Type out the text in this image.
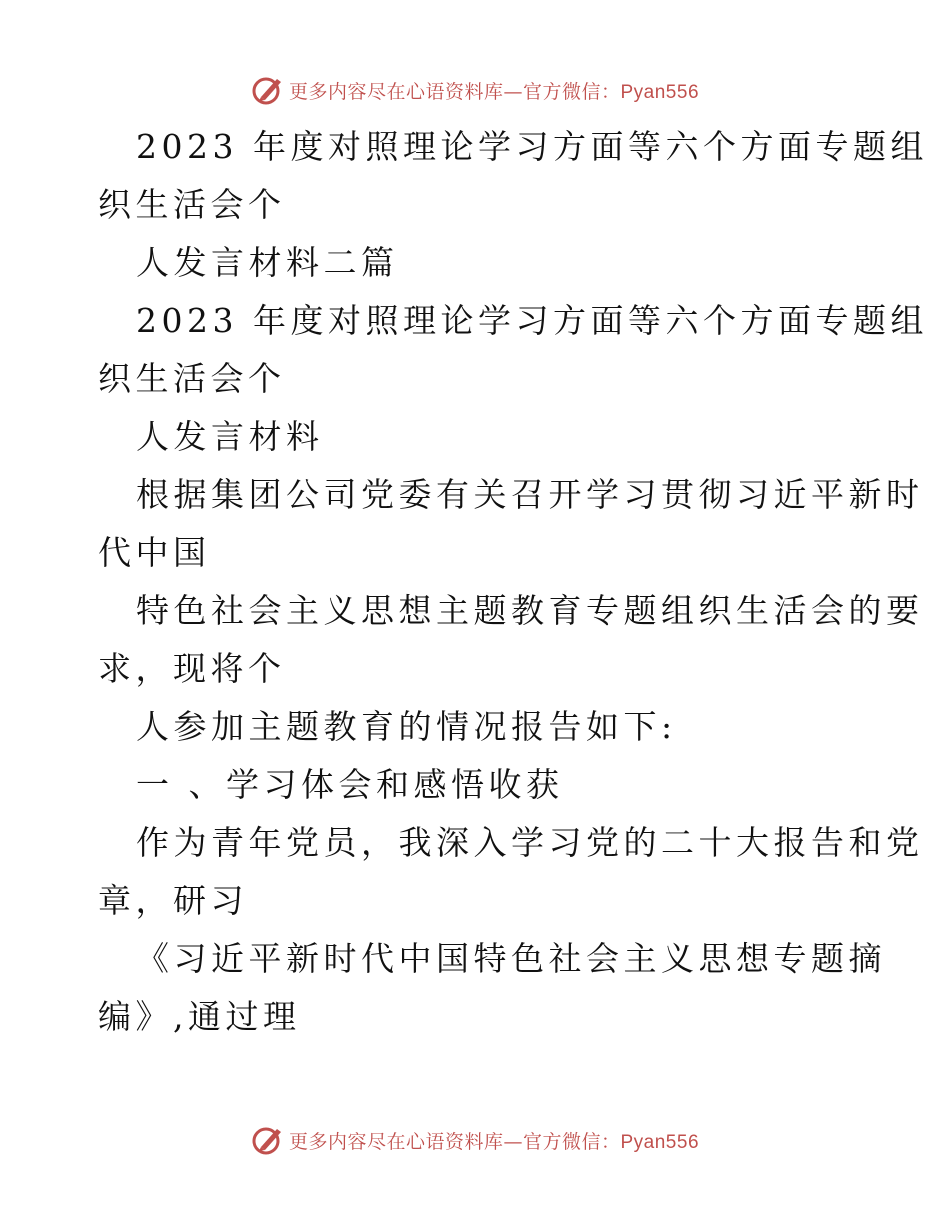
更多内容尽在心语资料库—官方微信：Pyan556
2023 年度对照理论学习方面等六个方面专题组
织生活会个
人发言材料二篇
2023 年度对照理论学习方面等六个方面专题组
织生活会个
人发言材料
根据集团公司党委有关召开学习贯彻习近平新时
代中国
特色社会主义思想主题教育专题组织生活会的要
求，现将个
人参加主题教育的情况报告如下:
一 、学习体会和感悟收获
作为青年党员，我深入学习党的二十大报告和党
章，研习
《习近平新时代中国特色社会主义思想专题摘
编》,通过理
更多内容尽在心语资料库—官方微信：Pyan556
